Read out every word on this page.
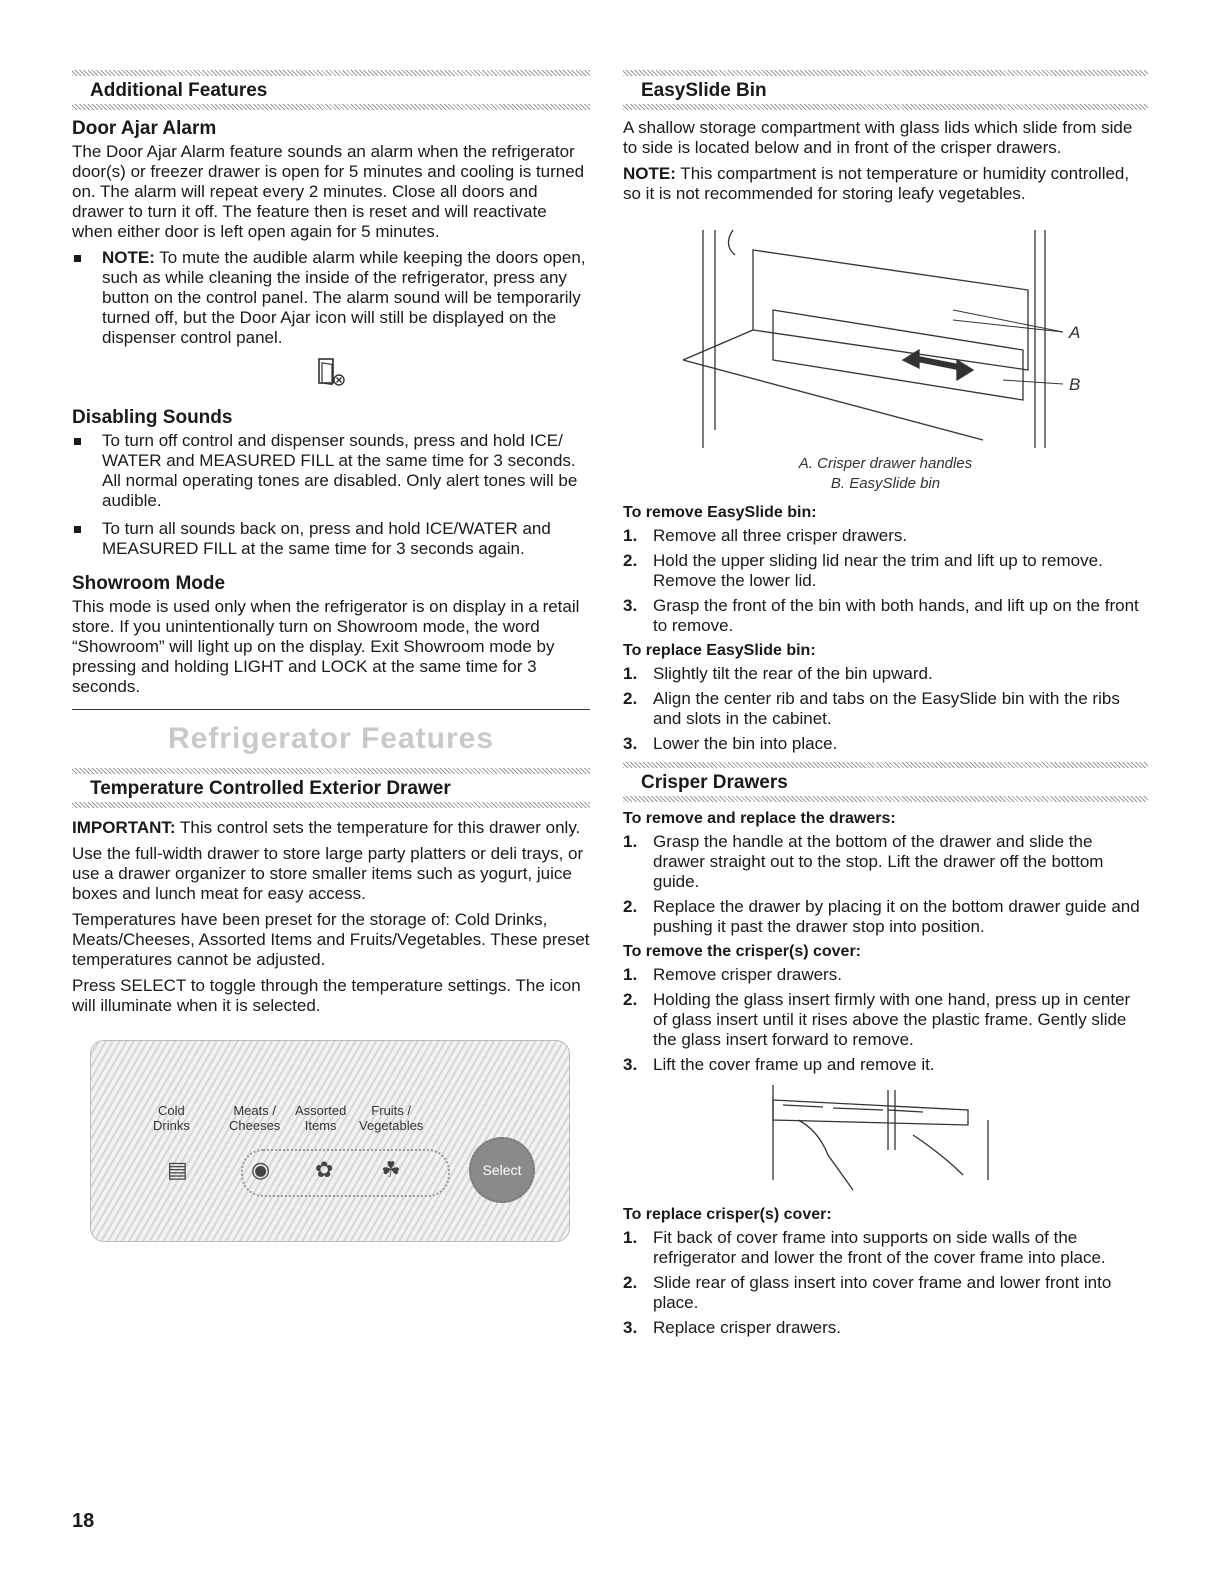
Additional Features
Door Ajar Alarm

The Door Ajar Alarm feature sounds an alarm when the refrigerator door(s) or freezer drawer is open for 5 minutes and cooling is turned on. The alarm will repeat every 2 minutes. Close all doors and drawer to turn it off. The feature then is reset and will reactivate when either door is left open again for 5 minutes.

NOTE: To mute the audible alarm while keeping the doors open, such as while cleaning the inside of the refrigerator, press any button on the control panel. The alarm sound will be temporarily turned off, but the Door Ajar icon will still be displayed on the dispenser control panel.
Disabling Sounds
To turn off control and dispenser sounds, press and hold ICE/ WATER and MEASURED FILL at the same time for 3 seconds. All normal operating tones are disabled. Only alert tones will be audible.
To turn all sounds back on, press and hold ICE/WATER and MEASURED FILL at the same time for 3 seconds again.
Showroom Mode

This mode is used only when the refrigerator is on display in a retail store. If you unintentionally turn on Showroom mode, the word “Showroom” will light up on the display. Exit Showroom mode by pressing and holding LIGHT and LOCK at the same time for 3 seconds.

Refrigerator Features
Temperature Controlled Exterior Drawer

IMPORTANT: This control sets the temperature for this drawer only.

Use the full-width drawer to store large party platters or deli trays, or use a drawer organizer to store smaller items such as yogurt, juice boxes and lunch meat for easy access.

Temperatures have been preset for the storage of: Cold Drinks, Meats/Cheeses, Assorted Items and Fruits/Vegetables. These preset temperatures cannot be adjusted.

Press SELECT to toggle through the temperature settings. The icon will illuminate when it is selected.

Cold
Drinks
Meats /
Cheeses
Assorted
Items
Fruits /
Vegetables
▤	◉ ✿ ☘	Select
EasySlide Bin

A shallow storage compartment with glass lids which slide from side to side is located below and in front of the crisper drawers.

NOTE: This compartment is not temperature or humidity controlled, so it is not recommended for storing leafy vegetables.

A
B
A. Crisper drawer handles
B. EasySlide bin
To remove EasySlide bin:
1. Remove all three crisper drawers.
2. Hold the upper sliding lid near the trim and lift up to remove. Remove the lower lid.
3. Grasp the front of the bin with both hands, and lift up on the front to remove.
To replace EasySlide bin:
1. Slightly tilt the rear of the bin upward.
2. Align the center rib and tabs on the EasySlide bin with the ribs and slots in the cabinet.
3. Lower the bin into place.
Crisper Drawers
To remove and replace the drawers:
1. Grasp the handle at the bottom of the drawer and slide the drawer straight out to the stop. Lift the drawer off the bottom guide.
2. Replace the drawer by placing it on the bottom drawer guide and pushing it past the drawer stop into position.
To remove the crisper(s) cover:
1. Remove crisper drawers.
2. Holding the glass insert firmly with one hand, press up in center of glass insert until it rises above the plastic frame. Gently slide the glass insert forward to remove.
3. Lift the cover frame up and remove it.
To replace crisper(s) cover:
1. Fit back of cover frame into supports on side walls of the refrigerator and lower the front of the cover frame into place.
2. Slide rear of glass insert into cover frame and lower front into place.
3. Replace crisper drawers.
18
